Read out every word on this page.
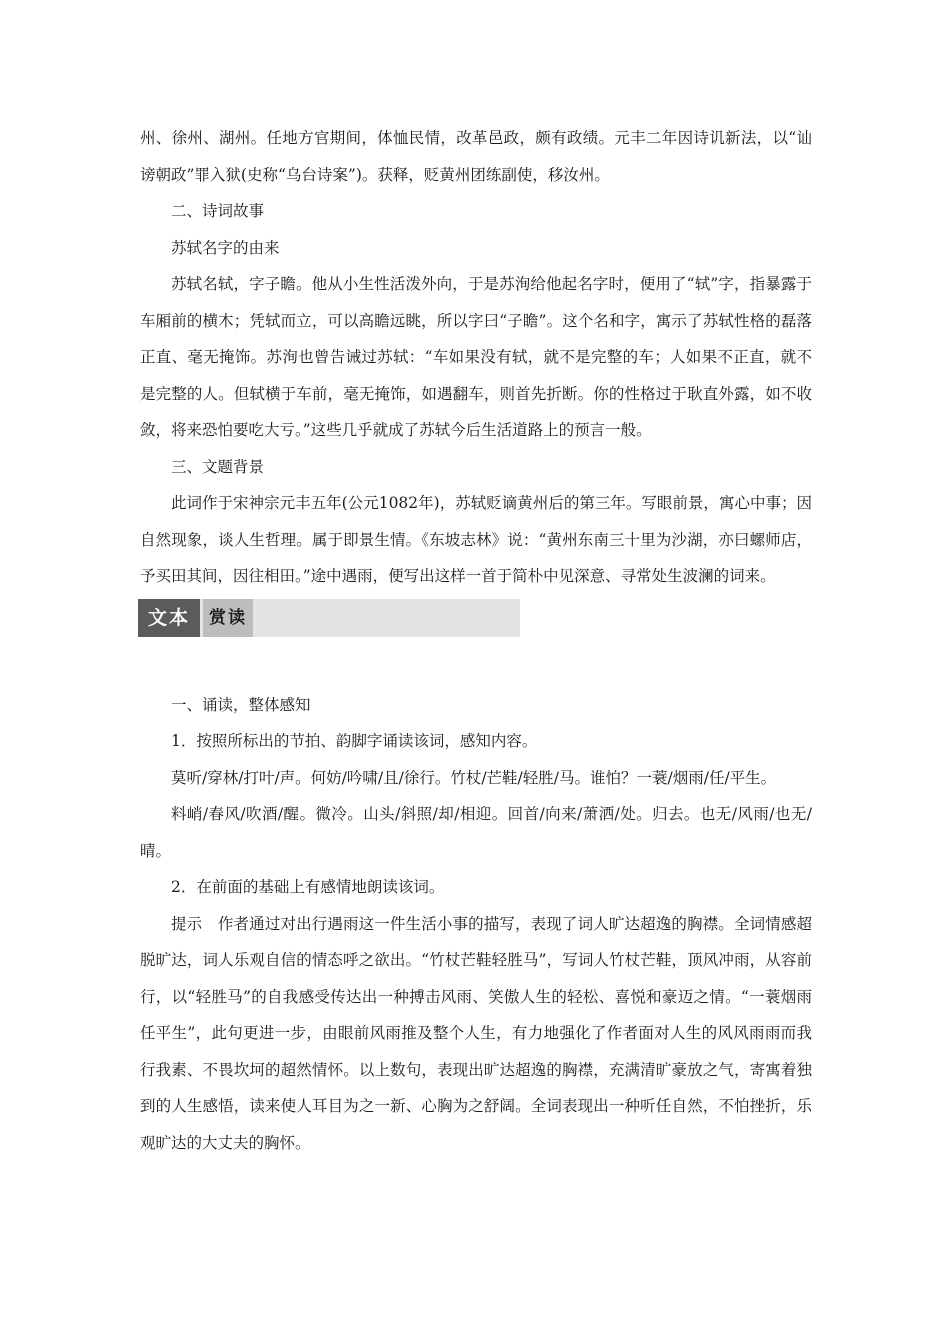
州、徐州、湖州。任地方官期间，体恤民情，改革邑政，颇有政绩。元丰二年因诗讥新法，以“讪谤朝政”罪入狱(史称“乌台诗案”)。获释，贬黄州团练副使，移汝州。

二、诗词故事

苏轼名字的由来

苏轼名轼，字子瞻。他从小生性活泼外向，于是苏洵给他起名字时，便用了“轼”字，指暴露于车厢前的横木；凭轼而立，可以高瞻远眺，所以字曰“子瞻”。这个名和字，寓示了苏轼性格的磊落正直、毫无掩饰。苏洵也曾告诫过苏轼：“车如果没有轼，就不是完整的车；人如果不正直，就不是完整的人。但轼横于车前，毫无掩饰，如遇翻车，则首先折断。你的性格过于耿直外露，如不收敛，将来恐怕要吃大亏。”这些几乎就成了苏轼今后生活道路上的预言一般。

三、文题背景

此词作于宋神宗元丰五年(公元1082年)，苏轼贬谪黄州后的第三年。写眼前景，寓心中事；因自然现象，谈人生哲理。属于即景生情。《东坡志林》说：“黄州东南三十里为沙湖，亦曰螺师店，予买田其间，因往相田。”途中遇雨，便写出这样一首于简朴中见深意、寻常处生波澜的词来。

文本	赏读

一、诵读，整体感知

1．按照所标出的节拍、韵脚字诵读该词，感知内容。

莫听/穿林/打叶/声。何妨/吟啸/且/徐行。竹杖/芒鞋/轻胜/马。谁怕？一蓑/烟雨/任/平生。

料峭/春风/吹酒/醒。微冷。山头/斜照/却/相迎。回首/向来/萧洒/处。归去。也无/风雨/也无/晴。

2．在前面的基础上有感情地朗读该词。

提示　作者通过对出行遇雨这一件生活小事的描写，表现了词人旷达超逸的胸襟。全词情感超脱旷达，词人乐观自信的情态呼之欲出。“竹杖芒鞋轻胜马”，写词人竹杖芒鞋，顶风冲雨，从容前行，以“轻胜马”的自我感受传达出一种搏击风雨、笑傲人生的轻松、喜悦和豪迈之情。“一蓑烟雨任平生”，此句更进一步，由眼前风雨推及整个人生，有力地强化了作者面对人生的风风雨雨而我行我素、不畏坎坷的超然情怀。以上数句，表现出旷达超逸的胸襟，充满清旷豪放之气，寄寓着独到的人生感悟，读来使人耳目为之一新、心胸为之舒阔。全词表现出一种听任自然，不怕挫折，乐观旷达的大丈夫的胸怀。
